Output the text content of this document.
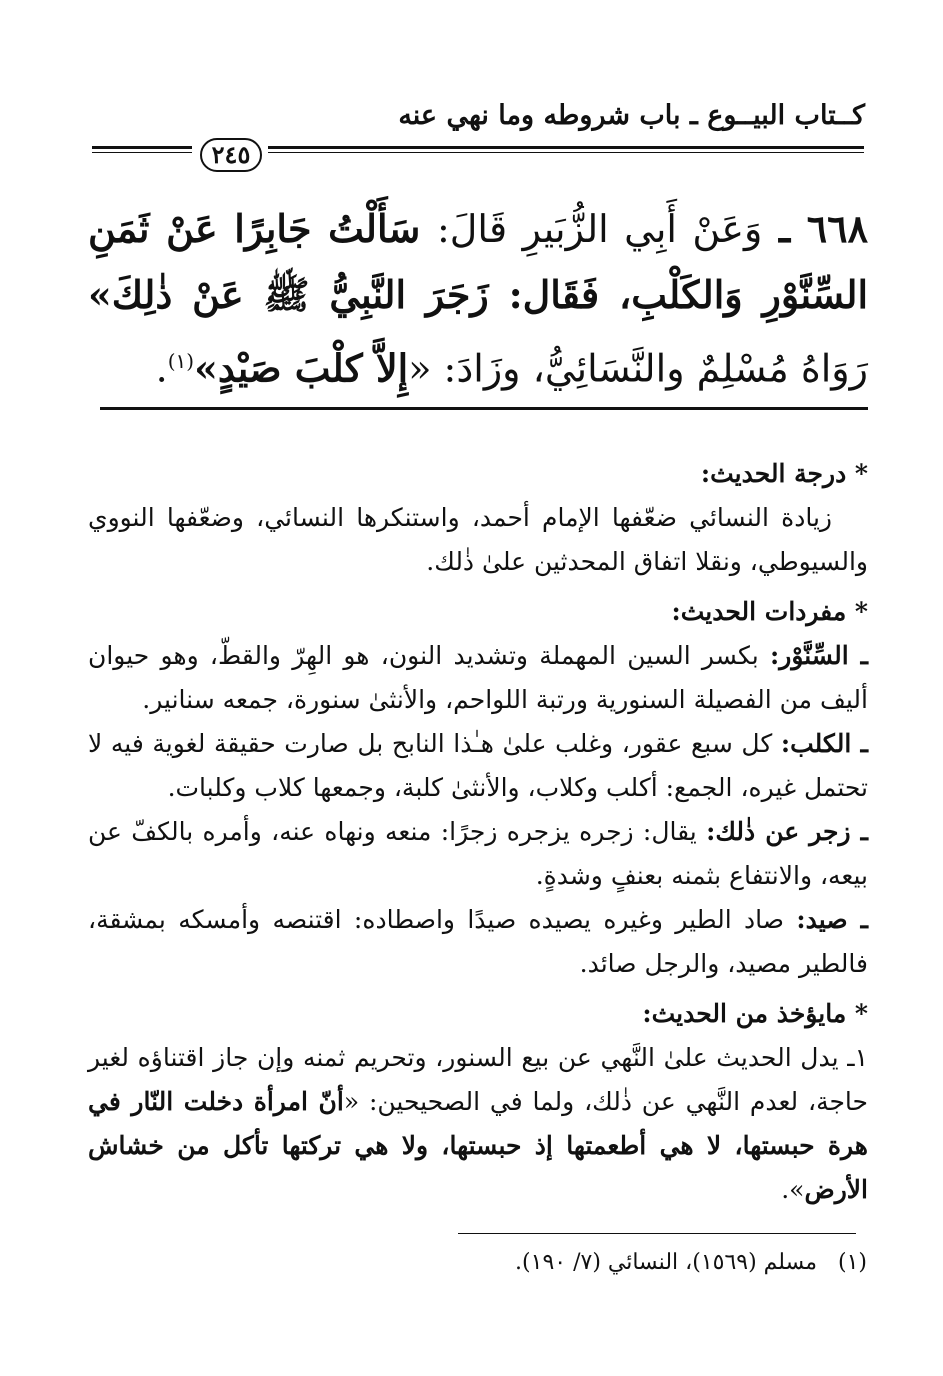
كــتاب البيــوع ـ باب شروطه وما نهي عنه
٢٤٥
٦٦٨ ـ وَعَنْ أَبِي الزُّبَيرِ قَالَ: سَأَلْتُ جَابِرًا عَنْ ثَمَنِ السِّنَّوْرِ وَالكَلْبِ، فَقَال: زَجَرَ النَّبِيُّ ﷺ عَنْ ذٰلِكَ» رَوَاهُ مُسْلِمٌ والنَّسَائِيُّ، وزَادَ: «إِلاَّ كلْبَ صَيْدٍ»$^{(١)}$.

* درجة الحديث:

زيادة النسائي ضعّفها الإمام أحمد، واستنكرها النسائي، وضعّفها النووي والسيوطي، ونقلا اتفاق المحدثين علىٰ ذٰلك.

* مفردات الحديث:

ـ السِّنَّوْر: بكسر السين المهملة وتشديد النون، هو الهِرّ والقطّ، وهو حيوان أليف من الفصيلة السنورية ورتبة اللواحم، والأنثىٰ سنورة، جمعه سنانير.

ـ الكلب: كل سبع عقور، وغلب علىٰ هـٰذا النابح بل صارت حقيقة لغوية فيه لا تحتمل غيره، الجمع: أكلب وكلاب، والأنثىٰ كلبة، وجمعها كلاب وكلبات.

ـ زجر عن ذٰلك: يقال: زجره يزجره زجرًا: منعه ونهاه عنه، وأمره بالكفّ عن بيعه، والانتفاع بثمنه بعنفٍ وشدةٍ.

ـ صيد: صاد الطير وغيره يصيده صيدًا واصطاده: اقتنصه وأمسكه بمشقة، فالطير مصيد، والرجل صائد.

* مايؤخذ من الحديث:

١ـ يدل الحديث علىٰ النَّهي عن بيع السنور، وتحريم ثمنه وإن جاز اقتناؤه لغير حاجة، لعدم النَّهي عن ذٰلك، ولما في الصحيحين: «أنّ امرأة دخلت النّار في هرة حبستها، لا هي أطعمتها إذ حبستها، ولا هي تركتها تأكل من خشاش الأرض».

(١)   مسلم (١٥٦٩)، النسائي (٧/ ١٩٠).
